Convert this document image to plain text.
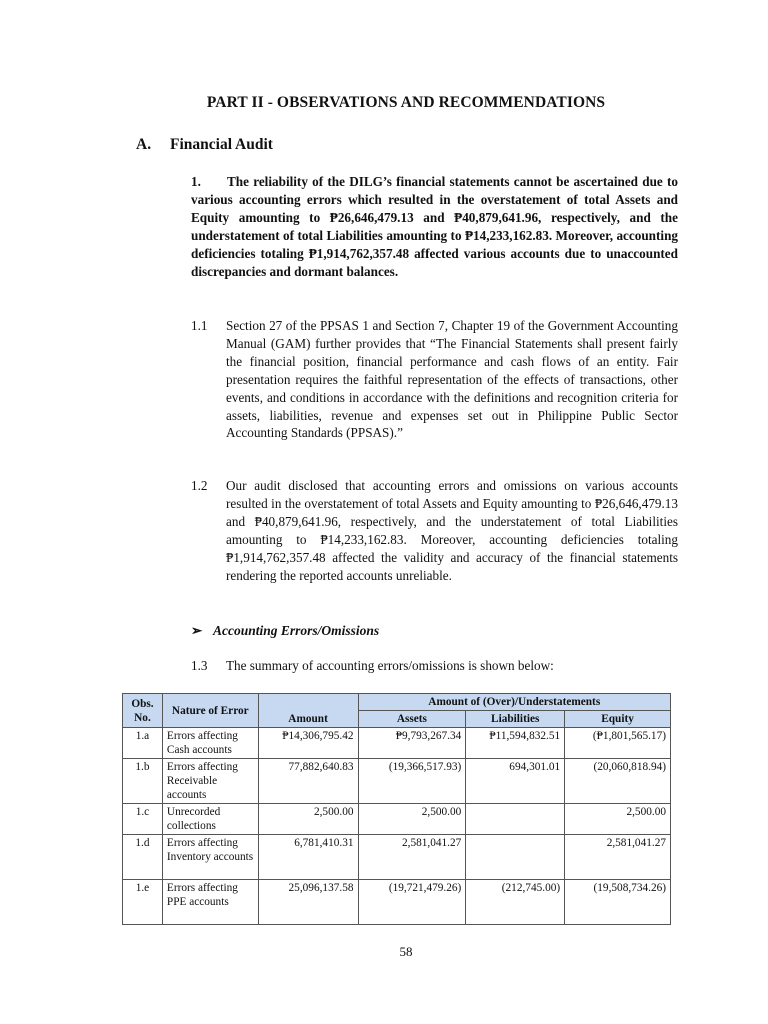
PART II - OBSERVATIONS AND RECOMMENDATIONS
A. Financial Audit
1. The reliability of the DILG’s financial statements cannot be ascertained due to various accounting errors which resulted in the overstatement of total Assets and Equity amounting to ₱26,646,479.13 and ₱40,879,641.96, respectively, and the understatement of total Liabilities amounting to ₱14,233,162.83. Moreover, accounting deficiencies totaling ₱1,914,762,357.48 affected various accounts due to unaccounted discrepancies and dormant balances.
1.1 Section 27 of the PPSAS 1 and Section 7, Chapter 19 of the Government Accounting Manual (GAM) further provides that “The Financial Statements shall present fairly the financial position, financial performance and cash flows of an entity. Fair presentation requires the faithful representation of the effects of transactions, other events, and conditions in accordance with the definitions and recognition criteria for assets, liabilities, revenue and expenses set out in Philippine Public Sector Accounting Standards (PPSAS).”
1.2 Our audit disclosed that accounting errors and omissions on various accounts resulted in the overstatement of total Assets and Equity amounting to ₱26,646,479.13 and ₱40,879,641.96, respectively, and the understatement of total Liabilities amounting to ₱14,233,162.83. Moreover, accounting deficiencies totaling ₱1,914,762,357.48 affected the validity and accuracy of the financial statements rendering the reported accounts unreliable.
➢ Accounting Errors/Omissions
1.3 The summary of accounting errors/omissions is shown below:
Obs. No.	Nature of Error	Amount	Amount of (Over)/Understatements		
			Assets	Liabilities	Equity
1.a	Errors affecting Cash accounts	₱14,306,795.42	₱9,793,267.34	₱11,594,832.51	(₱1,801,565.17)
1.b	Errors affecting Receivable accounts	77,882,640.83	(19,366,517.93)	694,301.01	(20,060,818.94)
1.c	Unrecorded collections	2,500.00	2,500.00		2,500.00
1.d	Errors affecting Inventory accounts	6,781,410.31	2,581,041.27		2,581,041.27
1.e	Errors affecting PPE accounts	25,096,137.58	(19,721,479.26)	(212,745.00)	(19,508,734.26)
58
